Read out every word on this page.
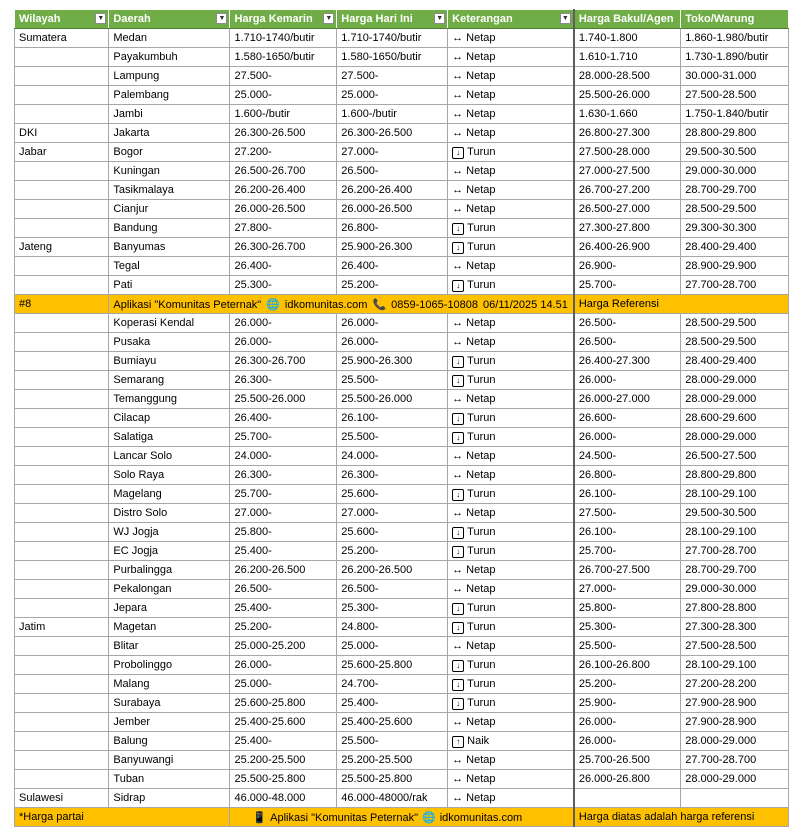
Wilayah ▼	Daerah ▼	Harga Kemarin ▼	Harga Hari Ini ▼	Keterangan ▼	Harga Bakul/Agen	Toko/Warung
Sumatera	Medan	1.710-1740/butir	1.710-1740/butir	↔ Netap	1.740-1.800	1.860-1.980/butir
	Payakumbuh	1.580-1650/butir	1.580-1650/butir	↔ Netap	1.610-1.710	1.730-1.890/butir
	Lampung	27.500-	27.500-	↔ Netap	28.000-28.500	30.000-31.000
	Palembang	25.000-	25.000-	↔ Netap	25.500-26.000	27.500-28.500
	Jambi	1.600-/butir	1.600-/butir	↔ Netap	1.630-1.660	1.750-1.840/butir
DKI	Jakarta	26.300-26.500	26.300-26.500	↔ Netap	26.800-27.300	28.800-29.800
Jabar	Bogor	27.200-	27.000-	↓ Turun	27.500-28.000	29.500-30.500
	Kuningan	26.500-26.700	26.500-	↔ Netap	27.000-27.500	29.000-30.000
	Tasikmalaya	26.200-26.400	26.200-26.400	↔ Netap	26.700-27.200	28.700-29.700
	Cianjur	26.000-26.500	26.000-26.500	↔ Netap	26.500-27.000	28.500-29.500
	Bandung	27.800-	26.800-	↓ Turun	27.300-27.800	29.300-30.300
Jateng	Banyumas	26.300-26.700	25.900-26.300	↓ Turun	26.400-26.900	28.400-29.400
	Tegal	26.400-	26.400-	↔ Netap	26.900-	28.900-29.900
	Pati	25.300-	25.200-	↓ Turun	25.700-	27.700-28.700
#8	Aplikasi "Komunitas Peternak" 🌐 idkomunitas.com 📞 0859-1065-10808 06/11/2025 14.51				Harga Referensi	
	Koperasi Kendal	26.000-	26.000-	↔ Netap	26.500-	28.500-29.500
	Pusaka	26.000-	26.000-	↔ Netap	26.500-	28.500-29.500
	Bumiayu	26.300-26.700	25.900-26.300	↓ Turun	26.400-27.300	28.400-29.400
	Semarang	26.300-	25.500-	↓ Turun	26.000-	28.000-29.000
	Temanggung	25.500-26.000	25.500-26.000	↔ Netap	26.000-27.000	28.000-29.000
	Cilacap	26.400-	26.100-	↓ Turun	26.600-	28.600-29.600
	Salatiga	25.700-	25.500-	↓ Turun	26.000-	28.000-29.000
	Lancar Solo	24.000-	24.000-	↔ Netap	24.500-	26.500-27.500
	Solo Raya	26.300-	26.300-	↔ Netap	26.800-	28.800-29.800
	Magelang	25.700-	25.600-	↓ Turun	26.100-	28.100-29.100
	Distro Solo	27.000-	27.000-	↔ Netap	27.500-	29.500-30.500
	WJ Jogja	25.800-	25.600-	↓ Turun	26.100-	28.100-29.100
	EC Jogja	25.400-	25.200-	↓ Turun	25.700-	27.700-28.700
	Purbalingga	26.200-26.500	26.200-26.500	↔ Netap	26.700-27.500	28.700-29.700
	Pekalongan	26.500-	26.500-	↔ Netap	27.000-	29.000-30.000
	Jepara	25.400-	25.300-	↓ Turun	25.800-	27.800-28.800
Jatim	Magetan	25.200-	24.800-	↓ Turun	25.300-	27.300-28.300
	Blitar	25.000-25.200	25.000-	↔ Netap	25.500-	27.500-28.500
	Probolinggo	26.000-	25.600-25.800	↓ Turun	26.100-26.800	28.100-29.100
	Malang	25.000-	24.700-	↓ Turun	25.200-	27.200-28.200
	Surabaya	25.600-25.800	25.400-	↓ Turun	25.900-	27.900-28.900
	Jember	25.400-25.600	25.400-25.600	↔ Netap	26.000-	27.900-28.900
	Balung	25.400-	25.500-	↑ Naik	26.000-	28.000-29.000
	Banyuwangi	25.200-25.500	25.200-25.500	↔ Netap	25.700-26.500	27.700-28.700
	Tuban	25.500-25.800	25.500-25.800	↔ Netap	26.000-26.800	28.000-29.000
Sulawesi	Sidrap	46.000-48.000	46.000-48000/rak	↔ Netap		
*Harga partai		📱 Aplikasi "Komunitas Peternak" 🌐 idkomunitas.com			Harga diatas adalah harga referensi	
